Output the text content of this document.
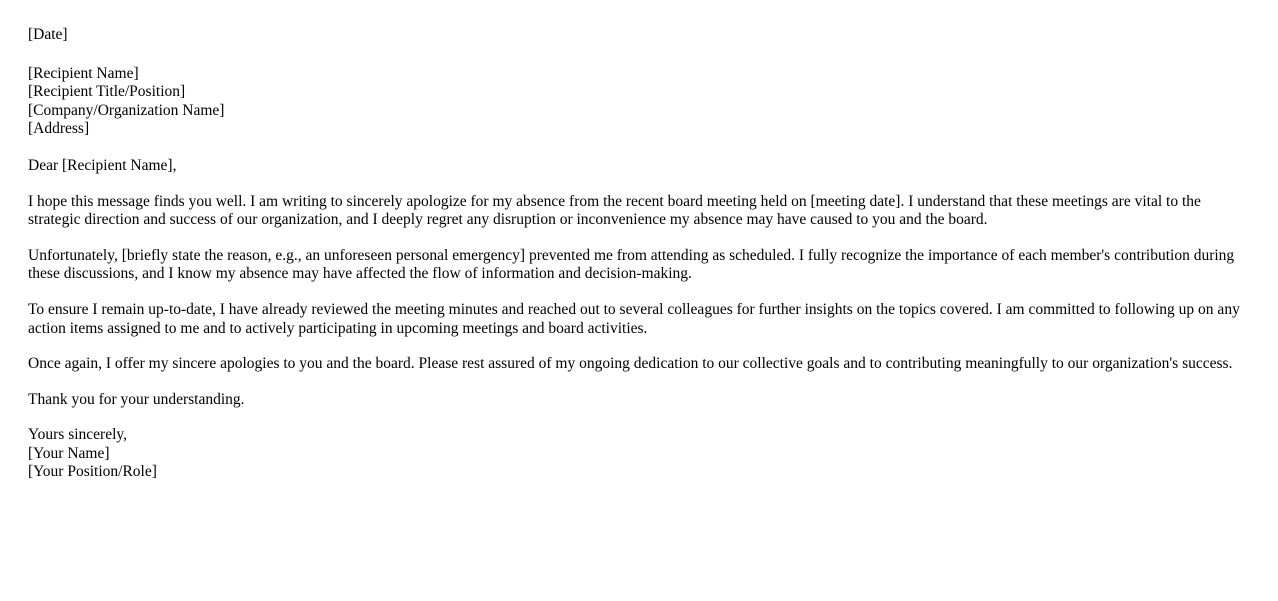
[Date]
[Recipient Name]
[Recipient Title/Position]
[Company/Organization Name]
[Address]

Dear [Recipient Name],

I hope this message finds you well. I am writing to sincerely apologize for my absence from the recent board meeting held on [meeting date]. I understand that these meetings are vital to the strategic direction and success of our organization, and I deeply regret any disruption or inconvenience my absence may have caused to you and the board.

Unfortunately, [briefly state the reason, e.g., an unforeseen personal emergency] prevented me from attending as scheduled. I fully recognize the importance of each member's contribution during these discussions, and I know my absence may have affected the flow of information and decision-making.

To ensure I remain up-to-date, I have already reviewed the meeting minutes and reached out to several colleagues for further insights on the topics covered. I am committed to following up on any action items assigned to me and to actively participating in upcoming meetings and board activities.

Once again, I offer my sincere apologies to you and the board. Please rest assured of my ongoing dedication to our collective goals and to contributing meaningfully to our organization's success.

Thank you for your understanding.

Yours sincerely,
[Your Name]
[Your Position/Role]
